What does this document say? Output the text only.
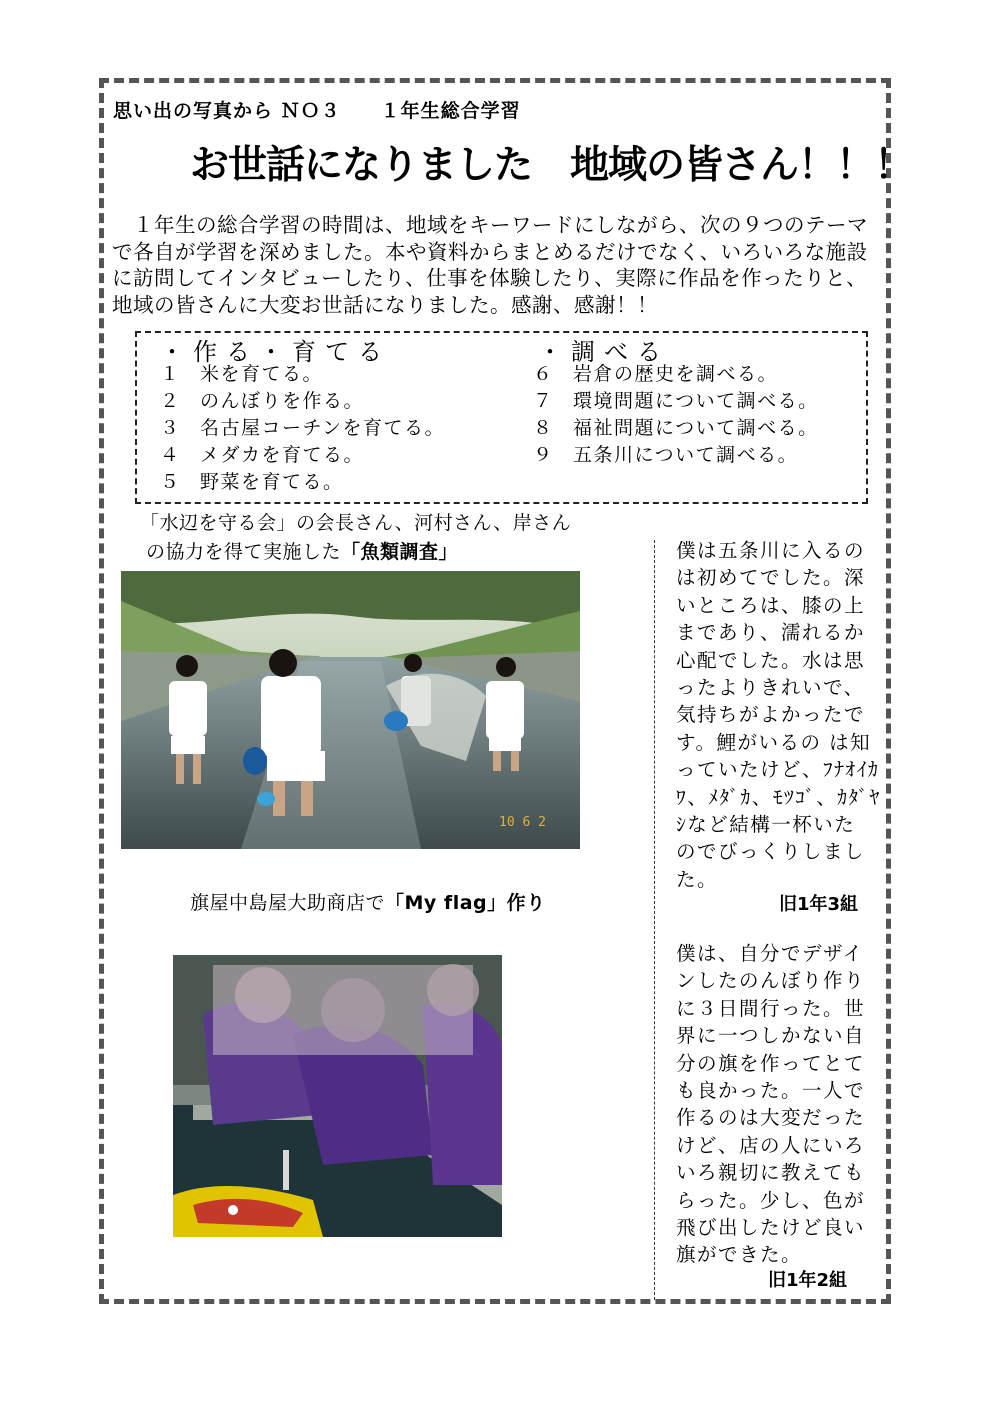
思い出の写真から ＮＯ３　　１年生総合学習
お世話になりました　地域の皆さん！！！

　１年生の総合学習の時間は、地域をキーワードにしながら、次の９つのテーマで各自が学習を深めました。本や資料からまとめるだけでなく、いろいろな施設に訪問してインタビューしたり、仕事を体験したり、実際に作品を作ったりと、地域の皆さんに大変お世話になりました。感謝、感謝！！

・作る・育てる	・調べる
１ 米を育てる。
２ のんぼりを作る。
３ 名古屋コーチンを育てる。
４ メダカを育てる。
５ 野菜を育てる。
６ 岩倉の歴史を調べる。
７ 環境問題について調べる。
８ 福祉問題について調べる。
９ 五条川について調べる。
「水辺を守る会」の会長さん、河村さん、岸さん
の協力を得て実施した「魚類調査」
10 6 2
旗屋中島屋大助商店で「My flag」作り

僕は五条川に入るのは初めてでした。深いところは、膝の上まであり、濡れるか心配でした。水は思ったよりきれいで、気持ちがよかったです。鯉がいるの は知っていたけど、ﾌﾅｵｲｶﾜ、ﾒﾀﾞｶ、ﾓﾂｺﾞ、ｶﾀﾞﾔ ｼなど結構一杯いた のでびっくりしまし た。

旧1年3組

僕は、自分でデザインしたのんぼり作りに３日間行った。世界に一つしかない自分の旗を作ってとても良かった。一人で作るのは大変だったけど、店の人にいろいろ親切に教えてもらった。少し、色が飛び出したけど良い旗ができた。

旧1年2組
